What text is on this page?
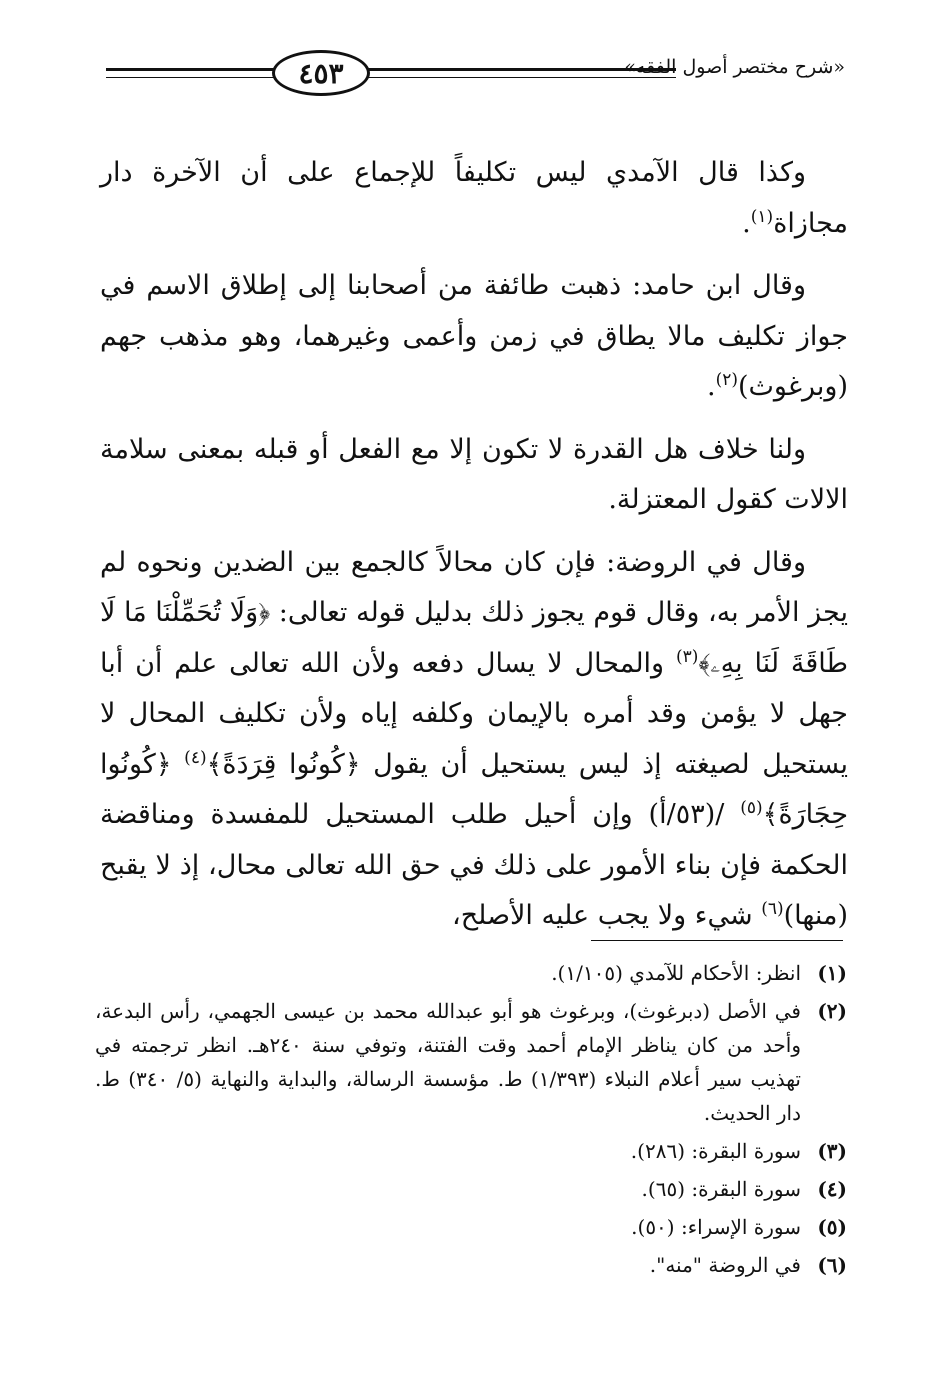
٤٥٣	«شرح مختصر أصول الفقه»

وكذا قال الآمدي ليس تكليفاً للإجماع على أن الآخرة دار مجازاة$^{(١)}$.

وقال ابن حامد: ذهبت طائفة من أصحابنا إلى إطلاق الاسم في جواز تكليف مالا يطاق في زمن وأعمى وغيرهما، وهو مذهب جهم (وبرغوث)$^{(٢)}$.

ولنا خلاف هل القدرة لا تكون إلا مع الفعل أو قبله بمعنى سلامة الالات كقول المعتزلة.

وقال في الروضة: فإن كان محالاً كالجمع بين الضدين ونحوه لم يجز الأمر به، وقال قوم يجوز ذلك بدليل قوله تعالى: ﴿وَلَا تُحَمِّلْنَا مَا لَا طَاقَةَ لَنَا بِهِۦ﴾$^{(٣)}$ والمحال لا يسال دفعه ولأن الله تعالى علم أن أبا جهل لا يؤمن وقد أمره بالإيمان وكلفه إياه ولأن تكليف المحال لا يستحيل لصيغته إذ ليس يستحيل أن يقول ﴿كُونُوا قِرَدَةً﴾$^{(٤)}$ ﴿كُونُوا حِجَارَةً﴾$^{(٥)}$ /(٥٣/أ) وإن أحيل طلب المستحيل للمفسدة ومناقضة الحكمة فإن بناء الأمور على ذلك في حق الله تعالى محال، إذ لا يقبح (منها)$^{(٦)}$ شيء ولا يجب عليه الأصلح،

(١)
انظر: الأحكام للآمدي (١/١٠٥).
(٢)
في الأصل (دبرغوث)، وبرغوث هو أبو عبدالله محمد بن عيسى الجهمي، رأس البدعة، وأحد من كان يناظر الإمام أحمد وقت الفتنة، وتوفي سنة ٢٤٠هـ. انظر ترجمته في تهذيب سير أعلام النبلاء (١/٣٩٣) ط. مؤسسة الرسالة، والبداية والنهاية (٥/ ٣٤٠) ط. دار الحديث.
(٣)
سورة البقرة: (٢٨٦).
(٤)
سورة البقرة: (٦٥).
(٥)
سورة الإسراء: (٥٠).
(٦)
في الروضة "منه".
